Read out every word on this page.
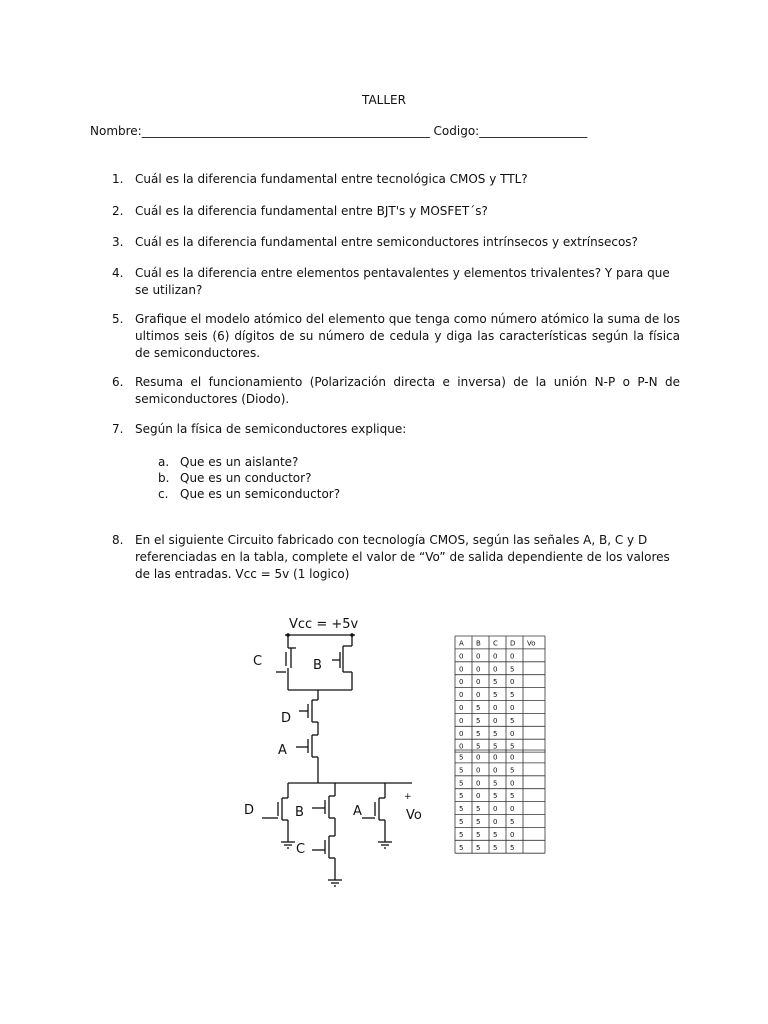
TALLER
Nombre:________________________________________________ Codigo:__________________
1. Cuál es la diferencia fundamental entre tecnológica CMOS y TTL?
2. Cuál es la diferencia fundamental entre BJT's y MOSFET´s?
3. Cuál es la diferencia fundamental entre semiconductores intrínsecos y extrínsecos?
4. Cuál es la diferencia entre elementos pentavalentes y elementos trivalentes? Y para que se utilizan?
5. Grafique el modelo atómico del elemento que tenga como número atómico la suma de los ultimos seis (6) dígitos de su número de cedula y diga las características según la física de semiconductores.
6. Resuma el funcionamiento (Polarización directa e inversa) de la unión N-P o P-N de semiconductores (Diodo).
7. Según la física de semiconductores explique:
a. Que es un aislante?
b. Que es un conductor?
c. Que es un semiconductor?
8. En el siguiente Circuito fabricado con tecnología CMOS, según las señales A, B, C y D referenciadas en la tabla, complete el valor de “Vo” de salida dependiente de los valores de las entradas. Vcc = 5v (1 logico)
Vcc = +5v
C	B
D
A
D	B	A
C
+
Vo
A B C D Vo
0 0 0 0
0 0 0 5
0 0 5 0
0 0 5 5
0 5 0 0
0 5 0 5
0 5 5 0
0 5 5 5
5 0 0 0
5 0 0 5
5 0 5 0
5 0 5 5
5 5 0 0
5 5 0 5
5 5 5 0
5 5 5 5
